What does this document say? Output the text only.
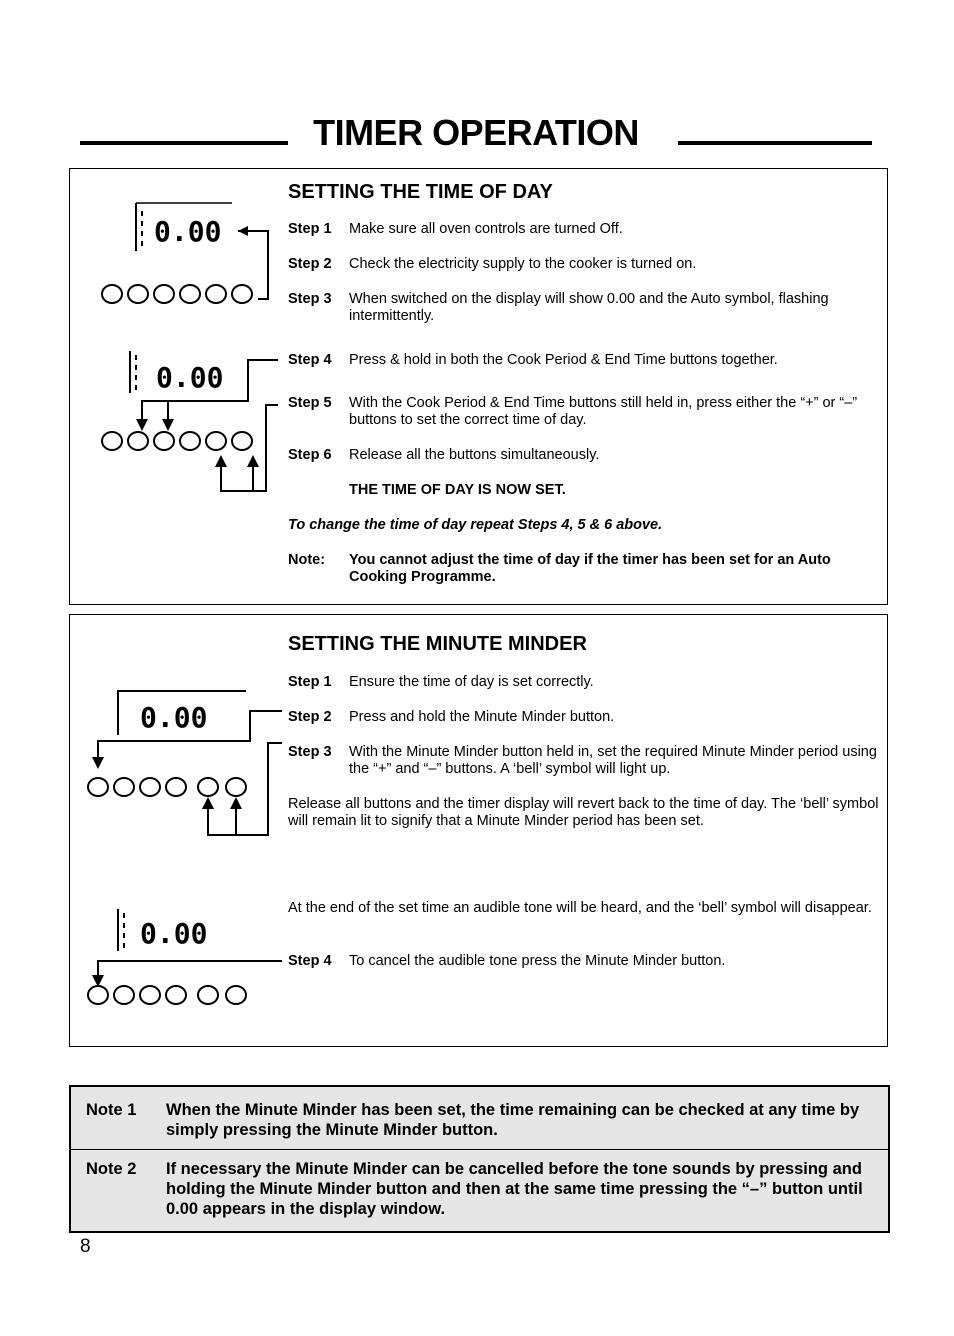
TIMER OPERATION
0.00
0.00
SETTING THE TIME OF DAY
Step 1	Make sure all oven controls are turned Off.
Step 2	Check the electricity supply to the cooker is turned on.
Step 3	When switched on the display will show 0.00 and the Auto symbol, flashing intermittently.
Step 4	Press & hold in both the Cook Period & End Time buttons together.
Step 5	With the Cook Period & End Time buttons still held in, press either the “+” or “–” buttons to set the correct time of day.
Step 6	Release all the buttons simultaneously.
THE TIME OF DAY IS NOW SET.
To change the time of day repeat Steps 4, 5 & 6 above.
Note:	You cannot adjust the time of day if the timer has been set for an Auto Cooking Programme.
0.00
0.00
SETTING THE MINUTE MINDER
Step 1	Ensure the time of day is set correctly.
Step 2	Press and hold the Minute Minder button.
Step 3	With the Minute Minder button held in, set the required Minute Minder period using the “+” and “–” buttons. A ‘bell’ symbol will light up.
Release all buttons and the timer display will revert back to the time of day. The ‘bell’ symbol will remain lit to signify that a Minute Minder period has been set.
At the end of the set time an audible tone will be heard, and the ‘bell’ symbol will disappear.
Step 4	To cancel the audible tone press the Minute Minder button.
Note 1 When the Minute Minder has been set, the time remaining can be checked at any time by simply pressing the Minute Minder button.
Note 2 If necessary the Minute Minder can be cancelled before the tone sounds by pressing and holding the Minute Minder button and then at the same time pressing the “–” button until 0.00 appears in the display window.
8
